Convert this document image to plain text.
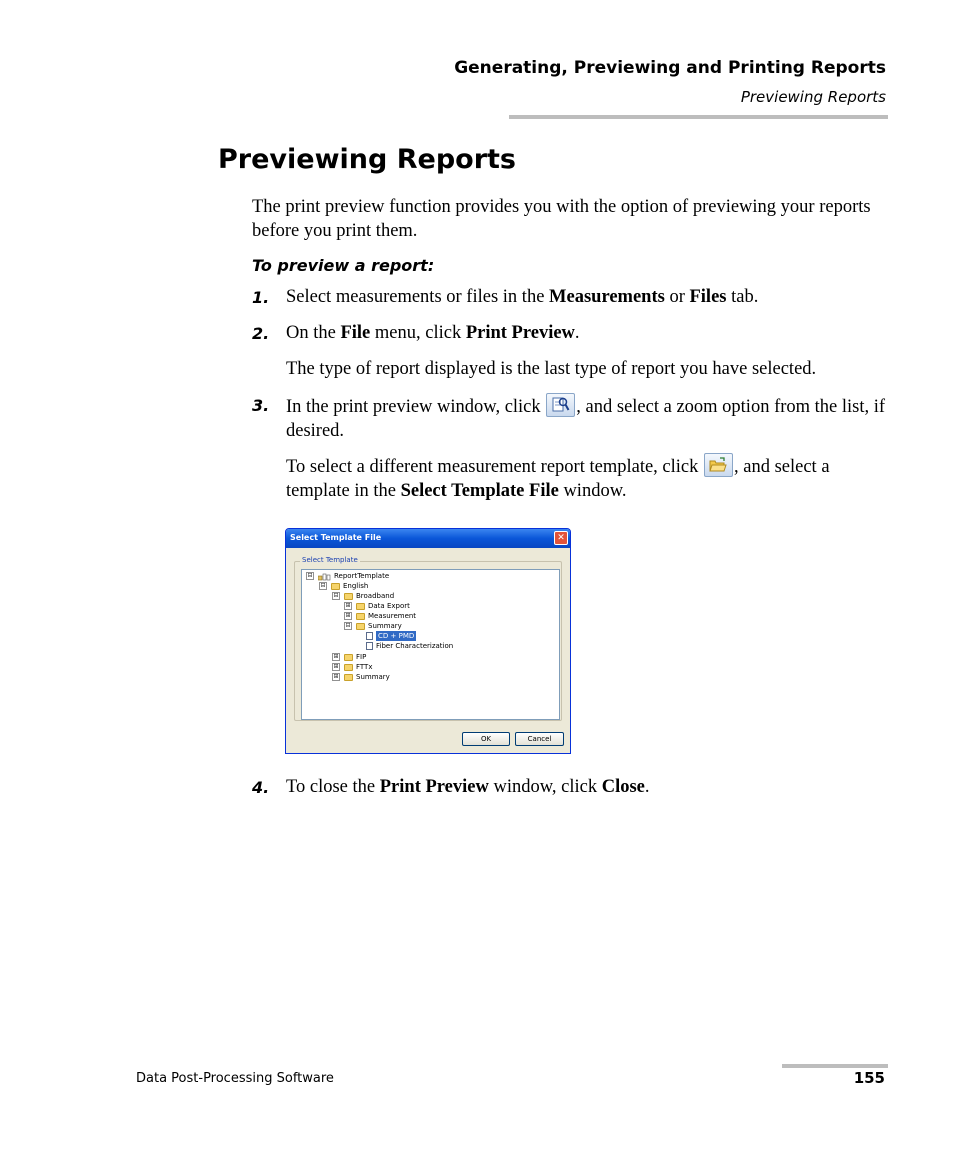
Generating, Previewing and Printing Reports
Previewing Reports
Previewing Reports
The print preview function provides you with the option of previewing your reports before you print them.
To preview a report:
1. Select measurements or files in the Measurements or Files tab.
2. On the File menu, click Print Preview.
The type of report displayed is the last type of report you have selected.
3. In the print preview window, click
, and select a zoom option from the list, if desired.
To select a different measurement report template, click
, and select a template in the Select Template File window.
Select Template File	✕
Select Template
⊟	ReportTemplate
⊟ English
⊟ Broadband
⊞ Data Export
⊞ Measurement
⊟ Summary
CD + PMD
Fiber Characterization
⊞ FIP
⊞ FTTx
⊞ Summary
OK	Cancel
4. To close the Print Preview window, click Close.
Data Post-Processing Software	155
